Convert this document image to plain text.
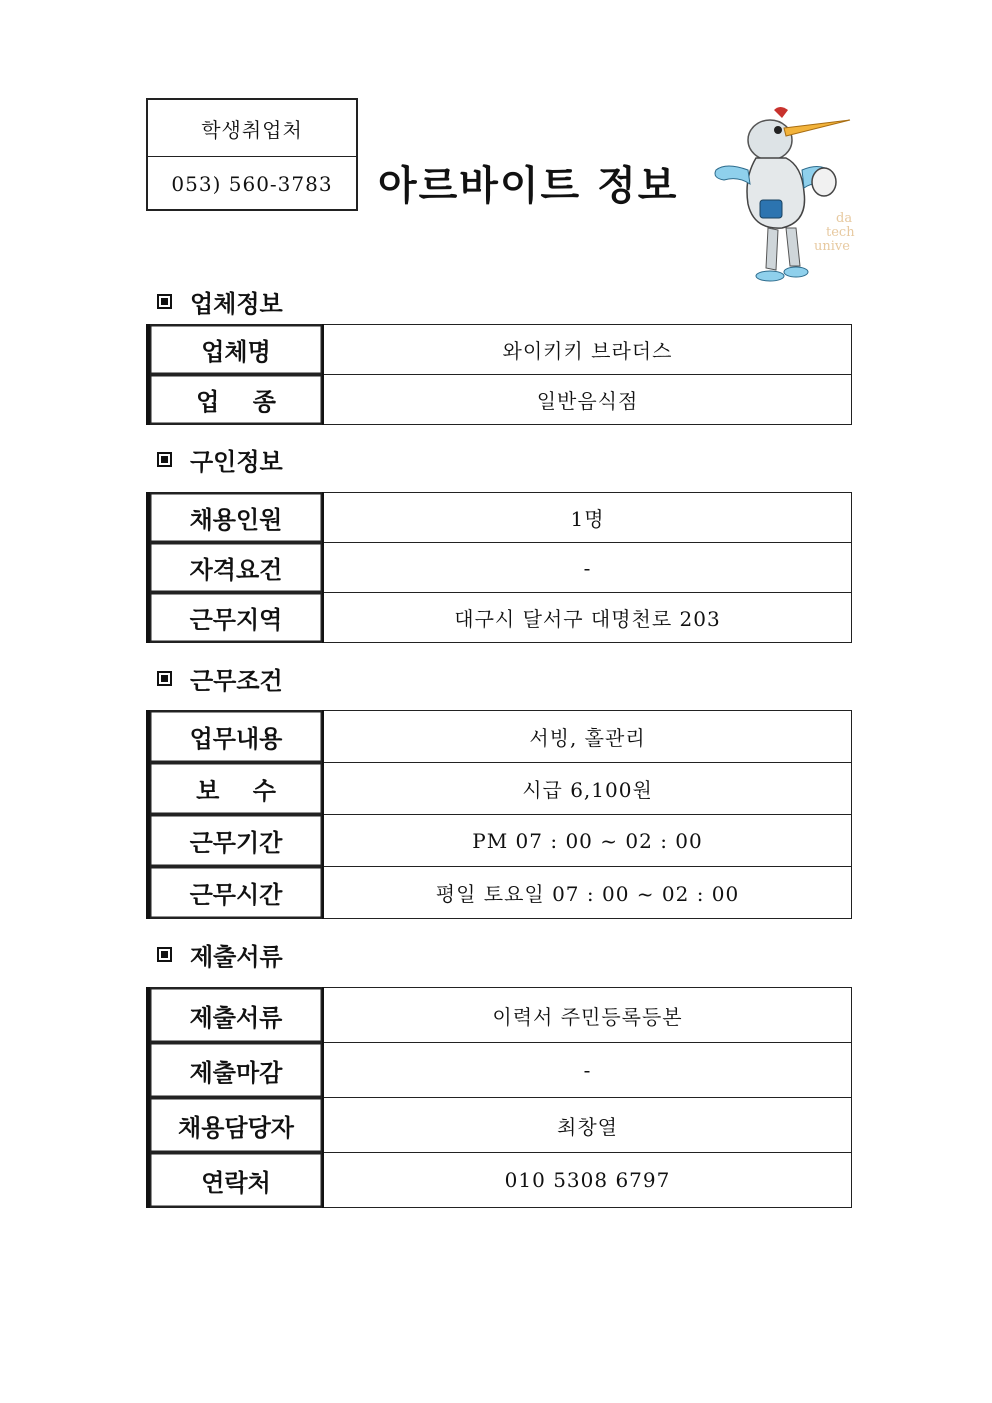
학생취업처
053) 560-3783	아르바이트 정보
da
tech
unive
업체정보
업체명	와이키키 브라더스
업    종	일반음식점
구인정보
채용인원	1명
자격요건	-
근무지역	대구시 달서구 대명천로 203
근무조건
업무내용	서빙, 홀관리
보    수	시급 6,100원
근무기간	PM 07 : 00 ~ 02 : 00
근무시간	평일 토요일 07 : 00 ~ 02 : 00
제출서류
제출서류	이력서 주민등록등본
제출마감	-
채용담당자	최창열
연락처	010 5308 6797
